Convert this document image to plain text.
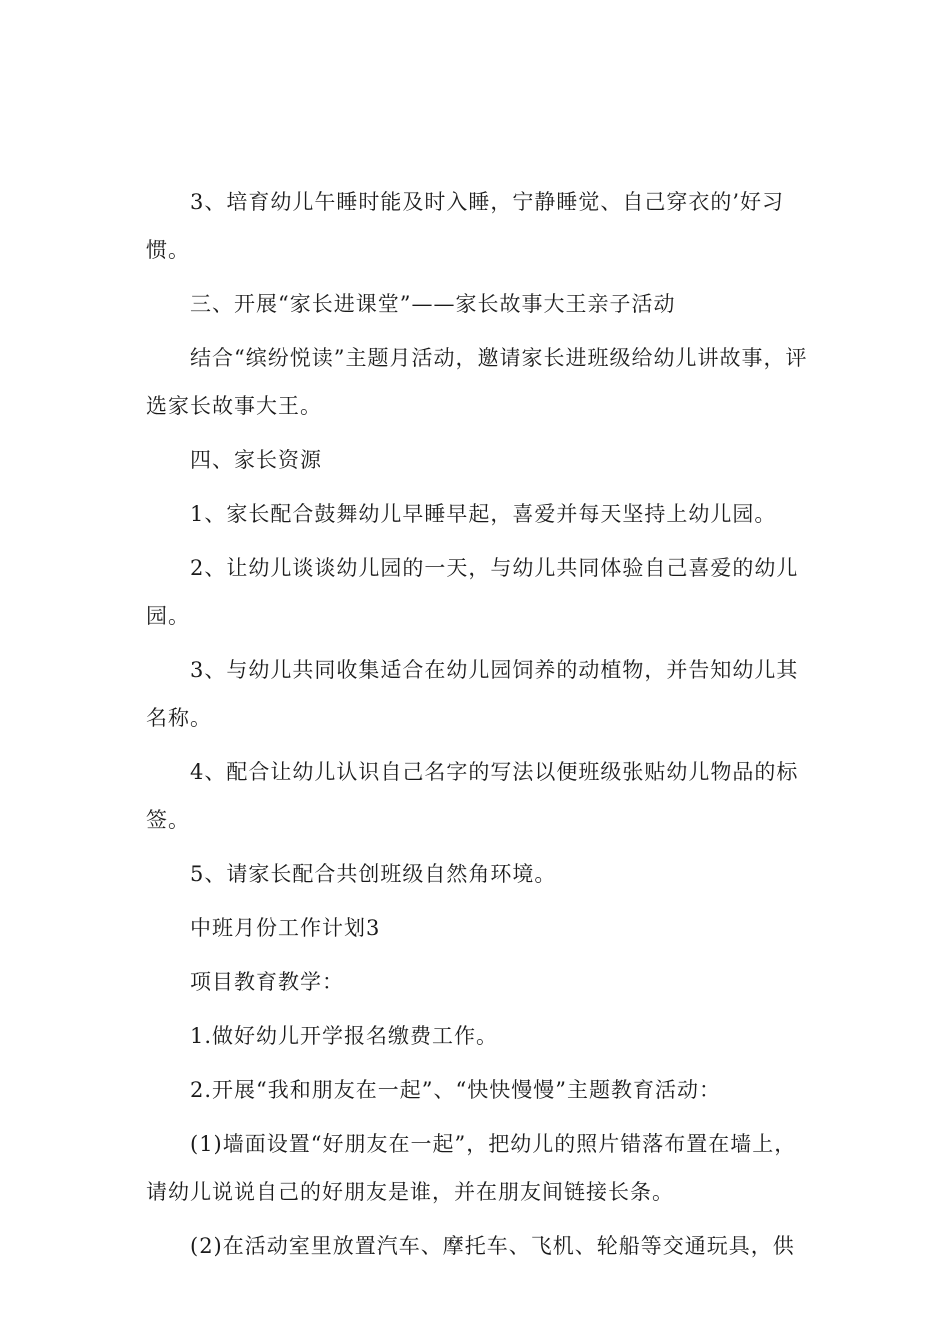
3、培育幼儿午睡时能及时入睡，宁静睡觉、自己穿衣的’好习惯。

三、开展“家长进课堂”——家长故事大王亲子活动

结合“缤纷悦读”主题月活动，邀请家长进班级给幼儿讲故事，评选家长故事大王。

四、家长资源

1、家长配合鼓舞幼儿早睡早起，喜爱并每天坚持上幼儿园。

2、让幼儿谈谈幼儿园的一天，与幼儿共同体验自己喜爱的幼儿园。

3、与幼儿共同收集适合在幼儿园饲养的动植物，并告知幼儿其名称。

4、配合让幼儿认识自己名字的写法以便班级张贴幼儿物品的标签。

5、请家长配合共创班级自然角环境。

中班月份工作计划3

项目教育教学：

1.做好幼儿开学报名缴费工作。

2.开展“我和朋友在一起”、“快快慢慢”主题教育活动：

(1)墙面设置“好朋友在一起”，把幼儿的照片错落布置在墙上，请幼儿说说自己的好朋友是谁，并在朋友间链接长条。

(2)在活动室里放置汽车、摩托车、飞机、轮船等交通玩具，供
